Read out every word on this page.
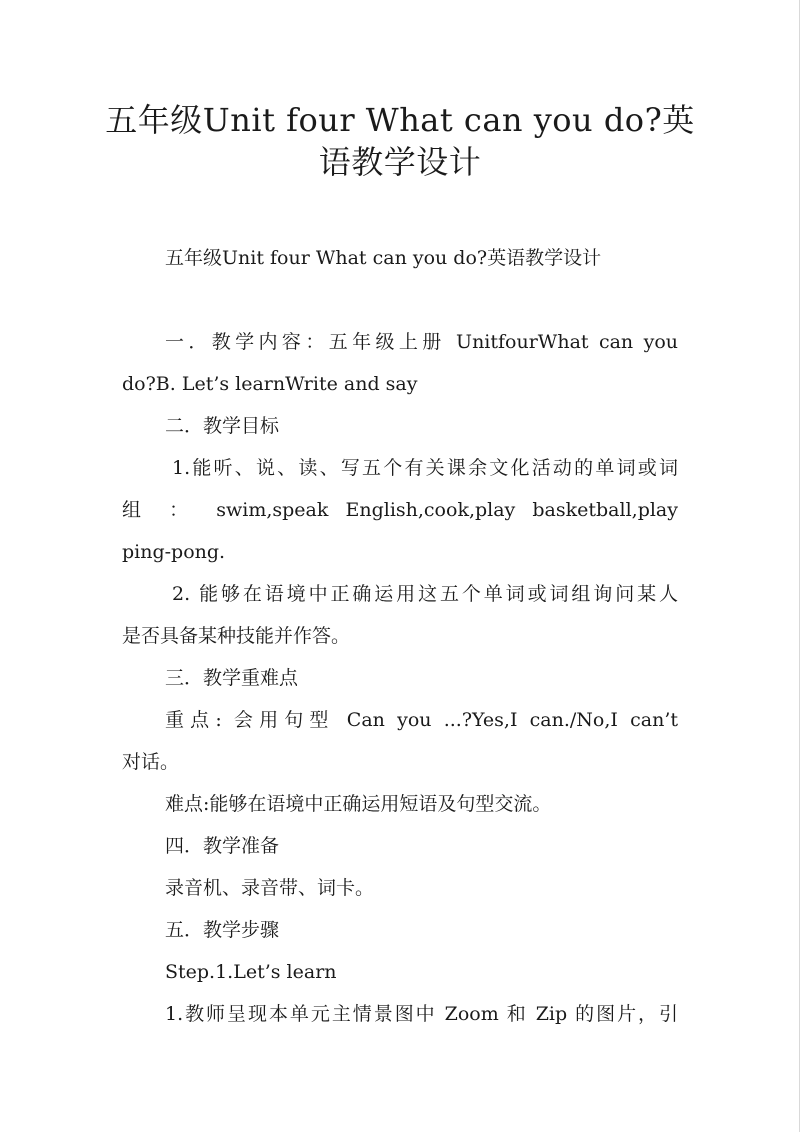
五年级Unit four What can you do?英
语教学设计

五年级Unit four What can you do?英语教学设计

一．教学内容：五年级上册 UnitfourWhat can you

do?B. Let’s learnWrite and say

二．教学目标

1.能听、说、读、写五个有关课余文化活动的单词或词

组 ： swim,speak English,cook,play basketball,play

ping-pong.

2. 能够在语境中正确运用这五个单词或词组询问某人

是否具备某种技能并作答。

三．教学重难点

重点: 会用句型 Can you ...?Yes,I can./No,I can’t

对话。

难点:能够在语境中正确运用短语及句型交流。

四．教学准备

录音机、录音带、词卡。

五．教学步骤

Step.1.Let’s learn

1.教师呈现本单元主情景图中 Zoom 和 Zip 的图片，引
